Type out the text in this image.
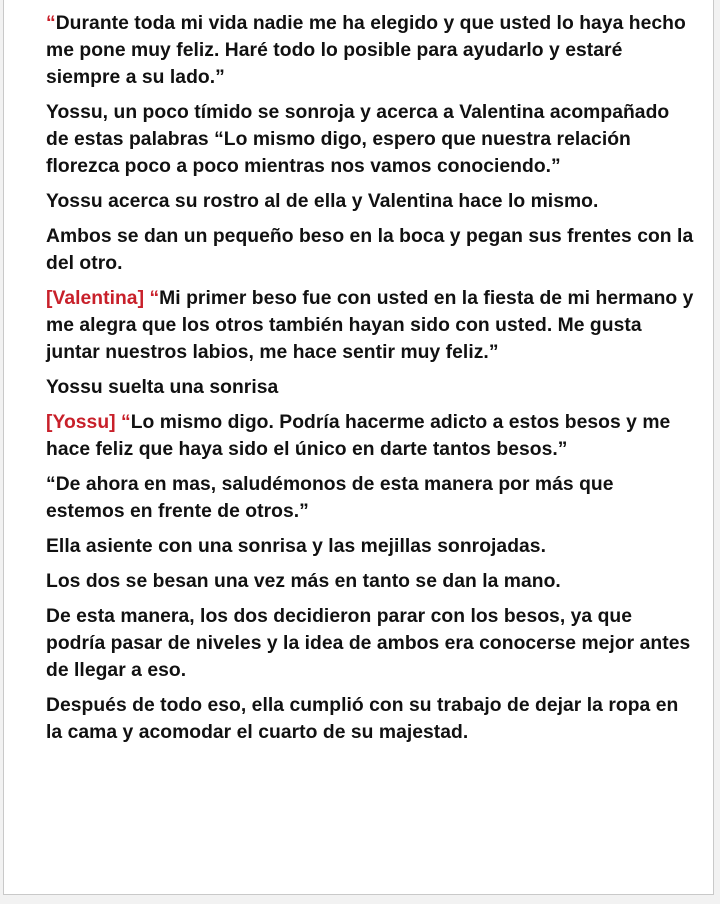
“Durante toda mi vida nadie me ha elegido y que usted lo haya hecho me pone muy feliz. Haré todo lo posible para ayudarlo y estaré siempre a su lado.”

Yossu, un poco tímido se sonroja y acerca a Valentina acompañado de estas palabras “Lo mismo digo, espero que nuestra relación florezca poco a poco mientras nos vamos conociendo.”

Yossu acerca su rostro al de ella y Valentina hace lo mismo.

Ambos se dan un pequeño beso en la boca y pegan sus frentes con la del otro.

[Valentina] “Mi primer beso fue con usted en la fiesta de mi hermano y me alegra que los otros también hayan sido con usted. Me gusta juntar nuestros labios, me hace sentir muy feliz.”

Yossu suelta una sonrisa

[Yossu] “Lo mismo digo. Podría hacerme adicto a estos besos y me hace feliz que haya sido el único en darte tantos besos.”

“De ahora en mas, saludémonos de esta manera por más que estemos en frente de otros.”

Ella asiente con una sonrisa y las mejillas sonrojadas.

Los dos se besan una vez más en tanto se dan la mano.

De esta manera, los dos decidieron parar con los besos, ya que podría pasar de niveles y la idea de ambos era conocerse mejor antes de llegar a eso.

Después de todo eso, ella cumplió con su trabajo de dejar la ropa en la cama y acomodar el cuarto de su majestad.
